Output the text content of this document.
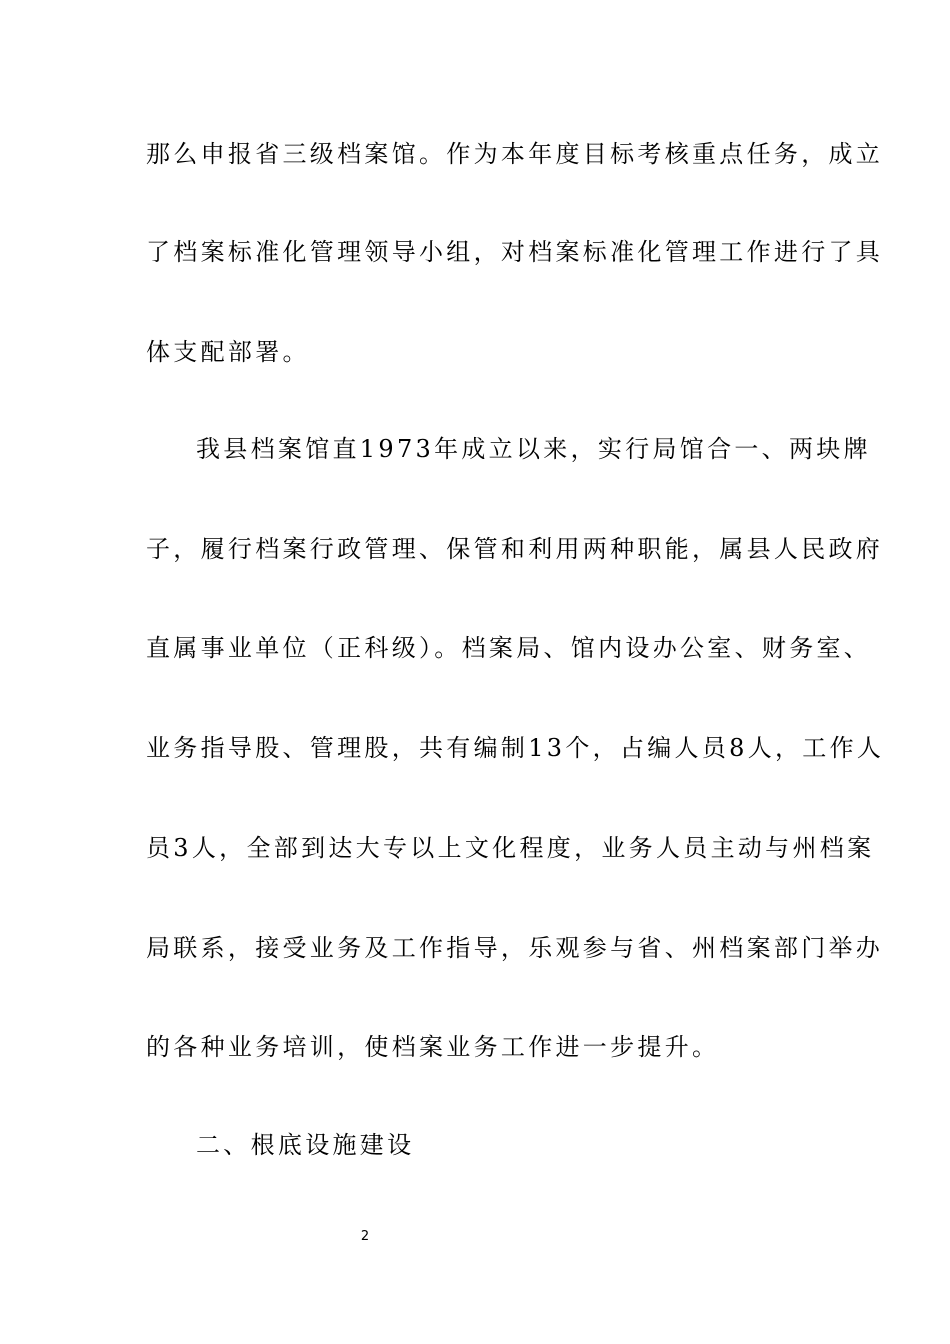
那么申报省三级档案馆。作为本年度目标考核重点任务，成立
了档案标准化管理领导小组，对档案标准化管理工作进行了具
体支配部署。
我县档案馆直1973年成立以来，实行局馆合一、两块牌
子，履行档案行政管理、保管和利用两种职能，属县人民政府
直属事业单位（正科级）。档案局、馆内设办公室、财务室、
业务指导股、管理股，共有编制13个，占编人员8人，工作人
员3人，全部到达大专以上文化程度，业务人员主动与州档案
局联系，接受业务及工作指导，乐观参与省、州档案部门举办
的各种业务培训，使档案业务工作进一步提升。
二、根底设施建设
2
